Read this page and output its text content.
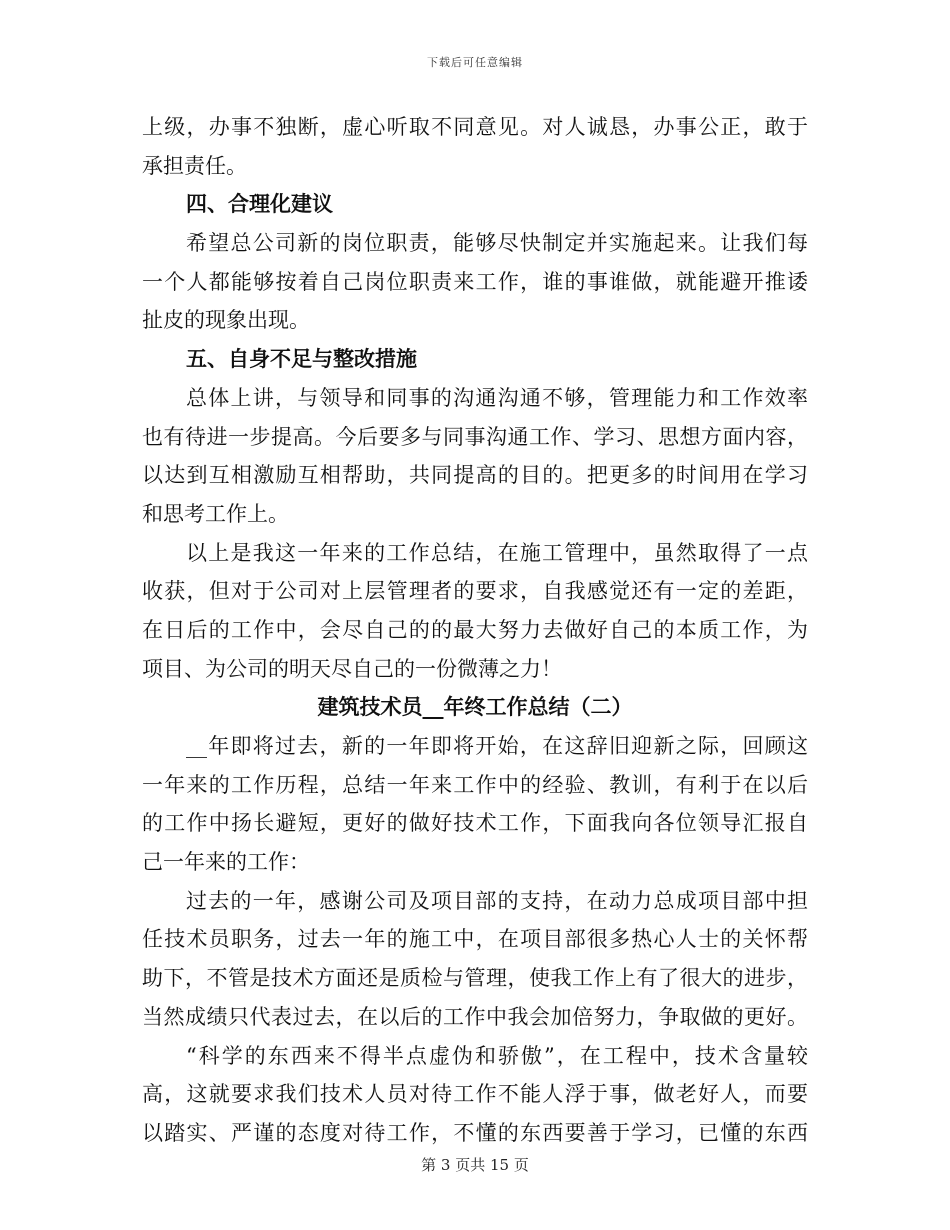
下载后可任意编辑
上级，办事不独断，虚心听取不同意见。对人诚恳，办事公正，敢于
承担责任。
四、合理化建议
希望总公司新的岗位职责，能够尽快制定并实施起来。让我们每
一个人都能够按着自己岗位职责来工作，谁的事谁做，就能避开推诿
扯皮的现象出现。
五、自身不足与整改措施
总体上讲，与领导和同事的沟通沟通不够，管理能力和工作效率
也有待进一步提高。今后要多与同事沟通工作、学习、思想方面内容，
以达到互相激励互相帮助，共同提高的目的。把更多的时间用在学习
和思考工作上。
以上是我这一年来的工作总结，在施工管理中，虽然取得了一点
收获，但对于公司对上层管理者的要求，自我感觉还有一定的差距，
在日后的工作中，会尽自己的的最大努力去做好自己的本质工作，为
项目、为公司的明天尽自己的一份微薄之力！
建筑技术员__年终工作总结（二）
__年即将过去，新的一年即将开始，在这辞旧迎新之际，回顾这
一年来的工作历程，总结一年来工作中的经验、教训，有利于在以后
的工作中扬长避短，更好的做好技术工作，下面我向各位领导汇报自
己一年来的工作：
过去的一年，感谢公司及项目部的支持，在动力总成项目部中担
任技术员职务，过去一年的施工中，在项目部很多热心人士的关怀帮
助下，不管是技术方面还是质检与管理，使我工作上有了很大的进步，
当然成绩只代表过去，在以后的工作中我会加倍努力，争取做的更好。
“科学的东西来不得半点虚伪和骄傲”，在工程中，技术含量较
高，这就要求我们技术人员对待工作不能人浮于事，做老好人，而要
以踏实、严谨的态度对待工作，不懂的东西要善于学习，已懂的东西
第 3 页共 15 页
